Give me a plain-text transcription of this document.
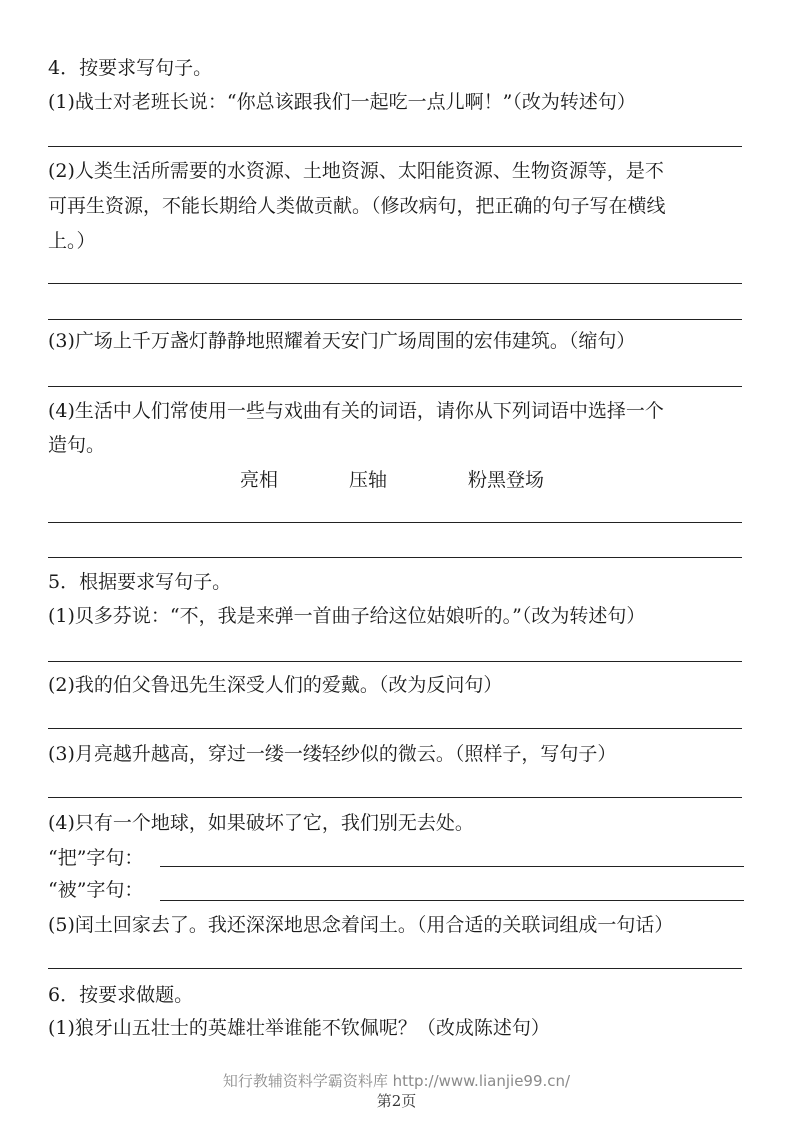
4．按要求写句子。
(1)战士对老班长说：“你总该跟我们一起吃一点儿啊！”（改为转述句）
(2)人类生活所需要的水资源、土地资源、太阳能资源、生物资源等，是不
可再生资源，不能长期给人类做贡献。（修改病句，把正确的句子写在横线
上。）
(3)广场上千万盏灯静静地照耀着天安门广场周围的宏伟建筑。（缩句）
(4)生活中人们常使用一些与戏曲有关的词语，请你从下列词语中选择一个
造句。
亮相	压轴	粉黑登场
5．根据要求写句子。
(1)贝多芬说：“不，我是来弹一首曲子给这位姑娘听的。”（改为转述句）
(2)我的伯父鲁迅先生深受人们的爱戴。（改为反问句）
(3)月亮越升越高，穿过一缕一缕轻纱似的微云。（照样子，写句子）
(4)只有一个地球，如果破坏了它，我们别无去处。
“把”字句：
“被”字句：
(5)闰土回家去了。我还深深地思念着闰土。（用合适的关联词组成一句话）
6．按要求做题。
(1)狼牙山五壮士的英雄壮举谁能不钦佩呢？（改成陈述句）
知行教辅资料学霸资料库 http://www.lianjie99.cn/
第2页
